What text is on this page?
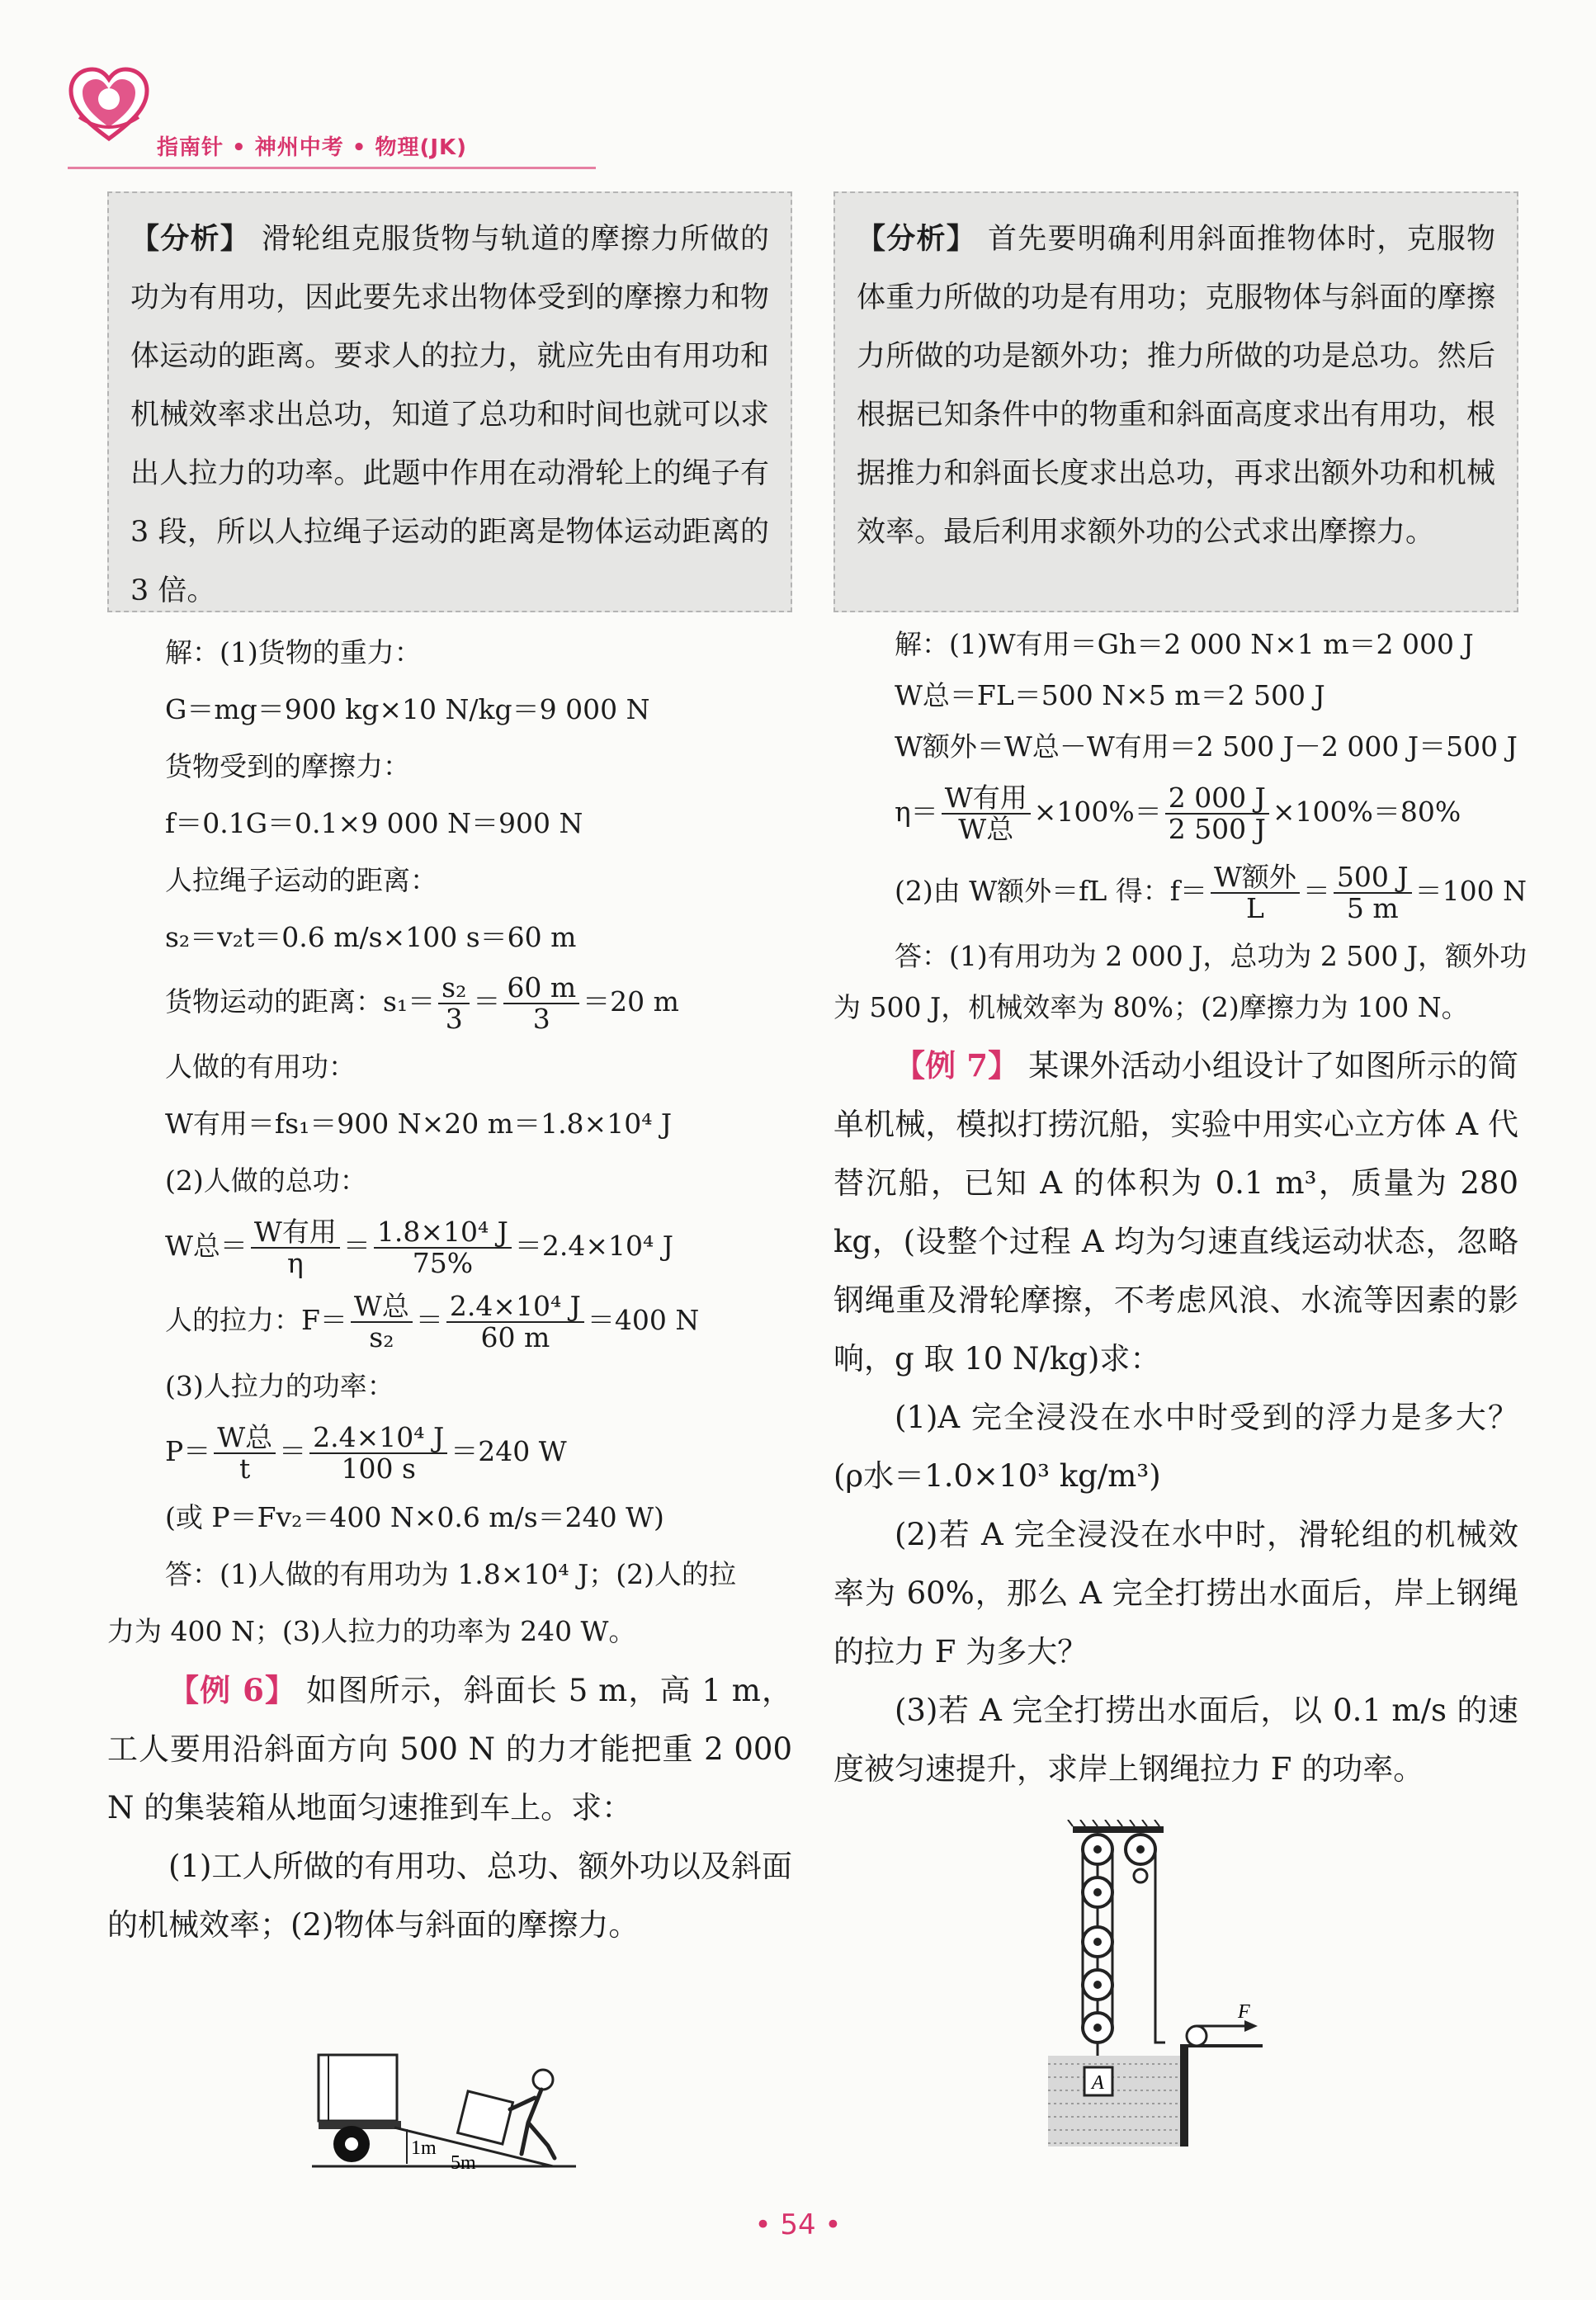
指南针 • 神州中考 • 物理(JK)
【分析】 滑轮组克服货物与轨道的摩擦力所做的功为有用功，因此要先求出物体受到的摩擦力和物体运动的距离。要求人的拉力，就应先由有用功和机械效率求出总功，知道了总功和时间也就可以求出人拉力的功率。此题中作用在动滑轮上的绳子有 3 段，所以人拉绳子运动的距离是物体运动距离的 3 倍。

解：(1)货物的重力：

G＝mg＝900 kg×10 N/kg＝9 000 N

货物受到的摩擦力：

f＝0.1G＝0.1×9 000 N＝900 N

人拉绳子运动的距离：

s₂＝v₂t＝0.6 m/s×100 s＝60 m

货物运动的距离：$s_1= \frac{\text{s₂}}{3} = \frac{60 m}{3} =20$ m

人做的有用功：

W有用＝fs₁＝900 N×20 m＝1.8×10⁴ J

(2)人做的总功：

W总＝ $\frac{\text{W有用}}{\eta} = \frac{\text{1.8×10⁴ J}}{75\%} =2.4\times 10^4$ J

人的拉力：$F= \frac{\text{W总}}{\text{s₂}} = \frac{\text{2.4×10⁴ J}}{60 m} =400$ N

(3)人拉力的功率：

$P= \frac{\text{W总}}{t} = \frac{\text{2.4×10⁴ J}}{100 s} =240$ W

(或 P＝Fv₂＝400 N×0.6 m/s＝240 W)

答：(1)人做的有用功为 1.8×10⁴ J；(2)人的拉

力为 400 N；(3)人拉力的功率为 240 W。

【例 6】 如图所示，斜面长 5 m，高 1 m，工人要用沿斜面方向 500 N 的力才能把重 2 000 N 的集装箱从地面匀速推到车上。求：

(1)工人所做的有用功、总功、额外功以及斜面的机械效率；(2)物体与斜面的摩擦力。

1m
5m
【分析】 首先要明确利用斜面推物体时，克服物体重力所做的功是有用功；克服物体与斜面的摩擦力所做的功是额外功；推力所做的功是总功。然后根据已知条件中的物重和斜面高度求出有用功，根据推力和斜面长度求出总功，再求出额外功和机械效率。最后利用求额外功的公式求出摩擦力。

解：(1)W有用＝Gh＝2 000 N×1 m＝2 000 J

W总＝FL＝500 N×5 m＝2 500 J

W额外＝W总－W有用＝2 500 J－2 000 J＝500 J

$\eta= \frac{\text{W有用}}{\text{W总}} \times 100\%= \frac{2 000 J}{2 500 J} \times 100\%=80\%$

(2)由 W额外＝fL 得：$f= \frac{\text{W额外}}{L} = \frac{500 J}{5 m} =100$ N

答：(1)有用功为 2 000 J，总功为 2 500 J，额外功

为 500 J，机械效率为 80%；(2)摩擦力为 100 N。

【例 7】 某课外活动小组设计了如图所示的简单机械，模拟打捞沉船，实验中用实心立方体 A 代替沉船，已知 A 的体积为 0.1 m³，质量为 280 kg，(设整个过程 A 均为匀速直线运动状态，忽略钢绳重及滑轮摩擦，不考虑风浪、水流等因素的影响，g 取 10 N/kg)求：

(1)A 完全浸没在水中时受到的浮力是多大？(ρ水＝1.0×10³ kg/m³)

(2)若 A 完全浸没在水中时，滑轮组的机械效率为 60%，那么 A 完全打捞出水面后，岸上钢绳的拉力 F 为多大？

(3)若 A 完全打捞出水面后，以 0.1 m/s 的速度被匀速提升，求岸上钢绳拉力 F 的功率。

A
F
• 54 •
